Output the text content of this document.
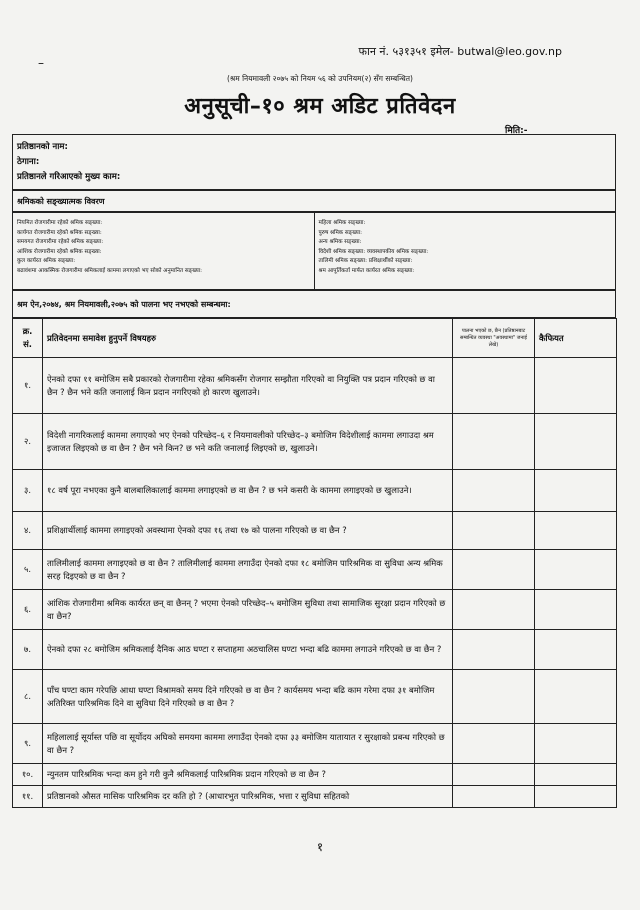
–
फान नं. ५३१३५१ इमेल- butwal@leo.gov.np
(श्रम नियमावली २०७५ को नियम ५६ को उपनियम(२) सँग सम्बन्धित)
अनुसूची–१० श्रम अडिट प्रतिवेदन
मिति:-
प्रतिष्ठानको नाम:
ठेगाना:
प्रतिष्ठानले गरिआएको मुख्य काम:
श्रमिकको सङ्ख्यात्मक विवरण
नियमित रोजगारीमा रहेको श्रमिक सङ्ख्या:
कार्यगत रोजगारीमा रहेको श्रमिक सङ्ख्या:
समयगत रोजगारीमा रहेको श्रमिक सङ्ख्या:
आंशिक रोजगारीमा रहेको श्रमिक सङ्ख्या:
कुल कार्यरत श्रमिक सङ्ख्या:
बढावंशमा आकस्मिक रोजगारीमा श्रमिकलाई काममा लगाएको भए सोको अनुमानित सङ्ख्या:
महिला श्रमिक सङ्ख्या:
पुरुष श्रमिक सङ्ख्या:
अन्य श्रमिक सङ्ख्या:
विदेशी श्रमिक सङ्ख्या: व्यवस्थापकीय श्रमिक सङ्ख्या:
तालिमी श्रमिक सङ्ख्या: प्रशिक्षार्थीको सङ्ख्या:
श्रम आपूर्तिकर्ता मार्फत कार्यरत श्रमिक सङ्ख्या:
श्रम ऐन,२०७४, श्रम नियमावली,२०७५ को पालना भए नभएको सम्बन्धमा:
क्र. सं.	प्रतिवेदनमा समावेश हुनुपर्ने विषयहरु	पालना भएको छ, छैन (प्रतिष्ठानबाट सम्बन्धित व्यवस्था "अवस्थामा" जनाई लेखे)	कैफियत
१.	ऐनको दफा ११ बमोजिम सबै प्रकारको रोजगारीमा रहेका श्रमिकसँग रोजगार सम्झौता गरिएको वा नियुक्ति पत्र प्रदान गरिएको छ वा छैन ? छैन भने कति जनालाई किन प्रदान नगरिएको हो कारण खुलाउने।		
२.	विदेशी नागरिकलाई काममा लगाएको भए ऐनको परिच्छेद–६ र नियमावलीको परिच्छेद–३ बमोजिम विदेशीलाई काममा लगाउदा श्रम इजाजत लिइएको छ वा छैन ? छैन भने किन? छ भने कति जनालाई लिइएको छ, खुलाउने।		
३.	१८ वर्ष पूरा नभएका कुनै बालबालिकालाई काममा लगाइएको छ वा छैन ? छ भने कसरी के काममा लगाइएको छ खुलाउने।		
४.	प्रशिक्षार्थीलाई काममा लगाइएको अवस्थामा ऐनको दफा १६ तथा १७ को पालना गरिएको छ वा छैन ?		
५.	तालिमीलाई काममा लगाइएको छ वा छैन ? तालिमीलाई काममा लगाउँदा ऐनको दफा १८ बमोजिम पारिश्रमिक वा सुविधा अन्य श्रमिक सरह दिइएको छ वा छैन ?		
६.	आंशिक रोजगारीमा श्रमिक कार्यरत छन् वा छैनन् ? भएमा ऐनको परिच्छेद–५ बमोजिम सुविधा तथा सामाजिक सुरक्षा प्रदान गरिएको छ वा छैन?		
७.	ऐनको दफा २८ बमोजिम श्रमिकलाई दैनिक आठ घण्टा र सप्ताहमा अठचालिस घण्टा भन्दा बढि काममा लगाउने गरिएको छ वा छैन ?		
८.	पाँच घण्टा काम गरेपछि आधा घण्टा विश्रामको समय दिने गरिएको छ वा छैन ? कार्यसमय भन्दा बढि काम गरेमा दफा ३१ बमोजिम अतिरिक्त पारिश्रमिक दिने वा सुविधा दिने गरिएको छ वा छैन ?		
९.	महिलालाई सूर्यास्त पछि वा सूर्योदय अघिको समयमा काममा लगाउँदा ऐनको दफा ३३ बमोजिम यातायात र सुरक्षाको प्रबन्ध गरिएको छ वा छैन ?		
१०.	न्युनतम पारिश्रमिक भन्दा कम हुने गरी कुनै श्रमिकलाई पारिश्रमिक प्रदान गरिएको छ वा छैन ?		
११.	प्रतिष्ठानको औसत मासिक पारिश्रमिक दर कति हो ? (आधारभुत पारिश्रमिक, भत्ता र सुविधा सहितको		
१
